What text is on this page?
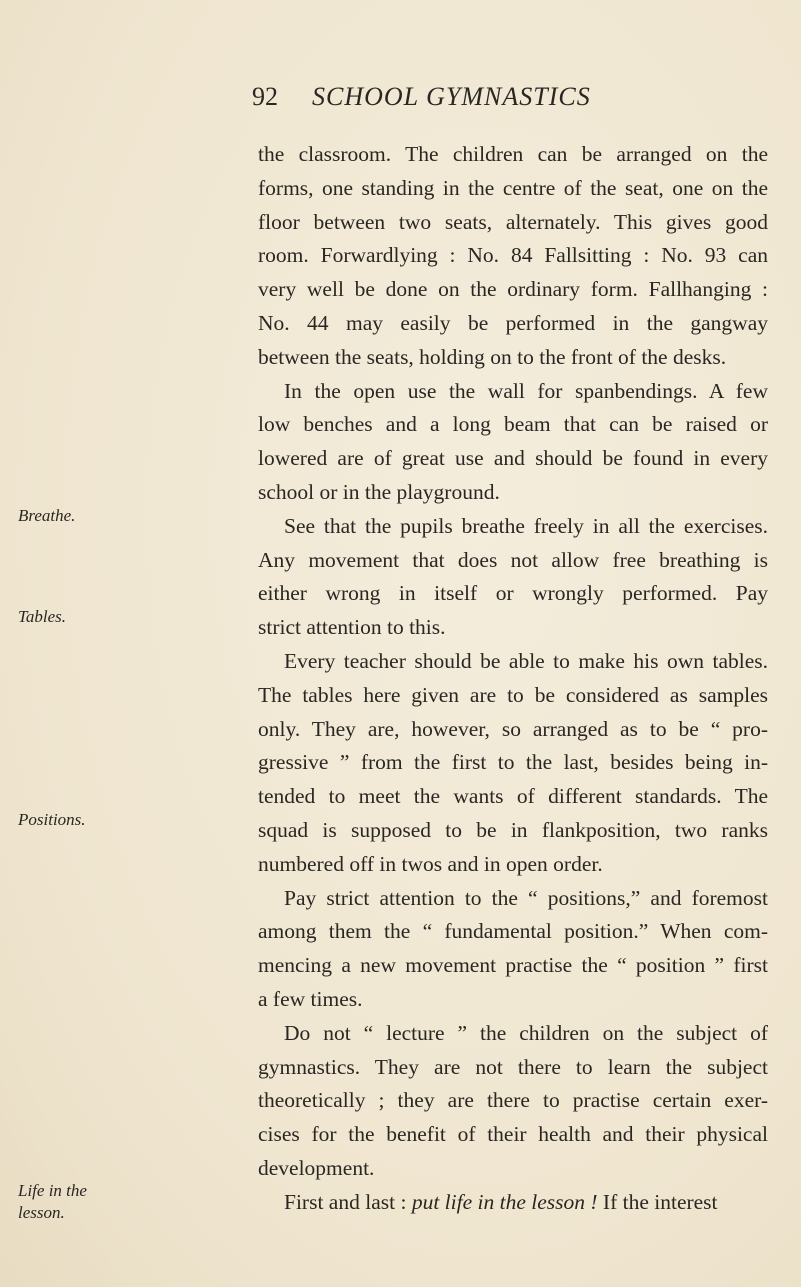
92 SCHOOL GYMNASTICS
Breathe.
Tables.
Positions.
Life in the
lesson.
the classroom. The children can be arranged on the
forms, one standing in the centre of the seat, one on the
floor between two seats, alternately. This gives good
room. Forwardlying : No. 84 Fallsitting : No. 93 can
very well be done on the ordinary form. Fallhanging :
No. 44 may easily be performed in the gangway
between the seats, holding on to the front of the desks.
In the open use the wall for spanbendings. A few
low benches and a long beam that can be raised or
lowered are of great use and should be found in every
school or in the playground.
See that the pupils breathe freely in all the exercises.
Any movement that does not allow free breathing is
either wrong in itself or wrongly performed. Pay
strict attention to this.
Every teacher should be able to make his own tables.
The tables here given are to be considered as samples
only. They are, however, so arranged as to be “ pro-
gressive ” from the first to the last, besides being in-
tended to meet the wants of different standards. The
squad is supposed to be in flankposition, two ranks
numbered off in twos and in open order.
Pay strict attention to the “ positions,” and foremost
among them the “ fundamental position.” When com-
mencing a new movement practise the “ position ” first
a few times.
Do not “ lecture ” the children on the subject of
gymnastics. They are not there to learn the subject
theoretically ; they are there to practise certain exer-
cises for the benefit of their health and their physical
development.
First and last : put life in the lesson ! If the interest
